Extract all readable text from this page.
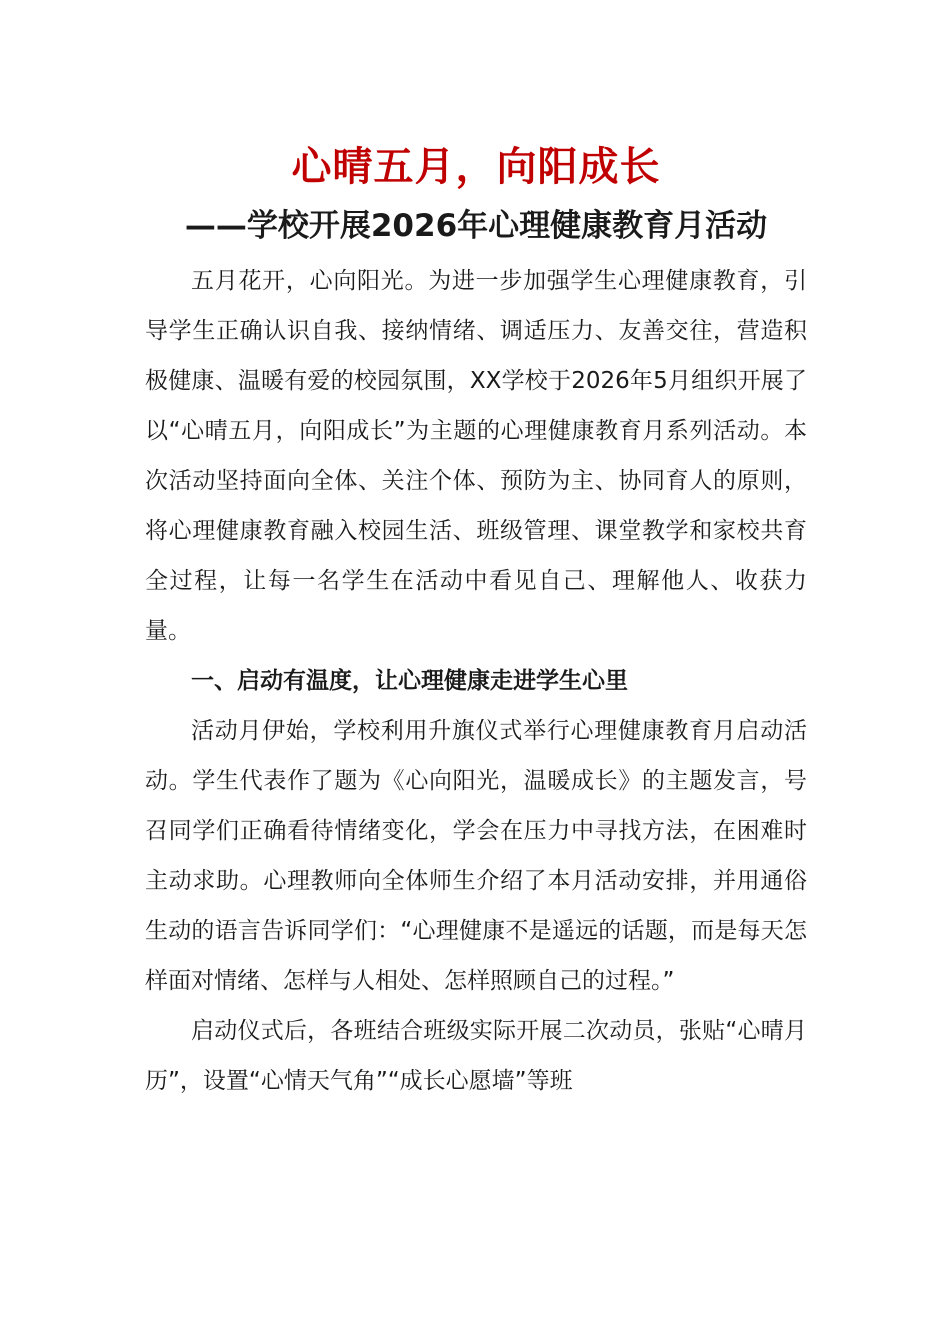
心晴五月，向阳成长
——学校开展2026年心理健康教育月活动

五月花开，心向阳光。为进一步加强学生心理健康教育，引导学生正确认识自我、接纳情绪、调适压力、友善交往，营造积极健康、温暖有爱的校园氛围，XX学校于2026年5月组织开展了以“心晴五月，向阳成长”为主题的心理健康教育月系列活动。本次活动坚持面向全体、关注个体、预防为主、协同育人的原则，将心理健康教育融入校园生活、班级管理、课堂教学和家校共育全过程，让每一名学生在活动中看见自己、理解他人、收获力量。

一、启动有温度，让心理健康走进学生心里

活动月伊始，学校利用升旗仪式举行心理健康教育月启动活动。学生代表作了题为《心向阳光，温暖成长》的主题发言，号召同学们正确看待情绪变化，学会在压力中寻找方法，在困难时主动求助。心理教师向全体师生介绍了本月活动安排，并用通俗生动的语言告诉同学们：“心理健康不是遥远的话题，而是每天怎样面对情绪、怎样与人相处、怎样照顾自己的过程。”

启动仪式后，各班结合班级实际开展二次动员，张贴“心晴月历”，设置“心情天气角”“成长心愿墙”等班
